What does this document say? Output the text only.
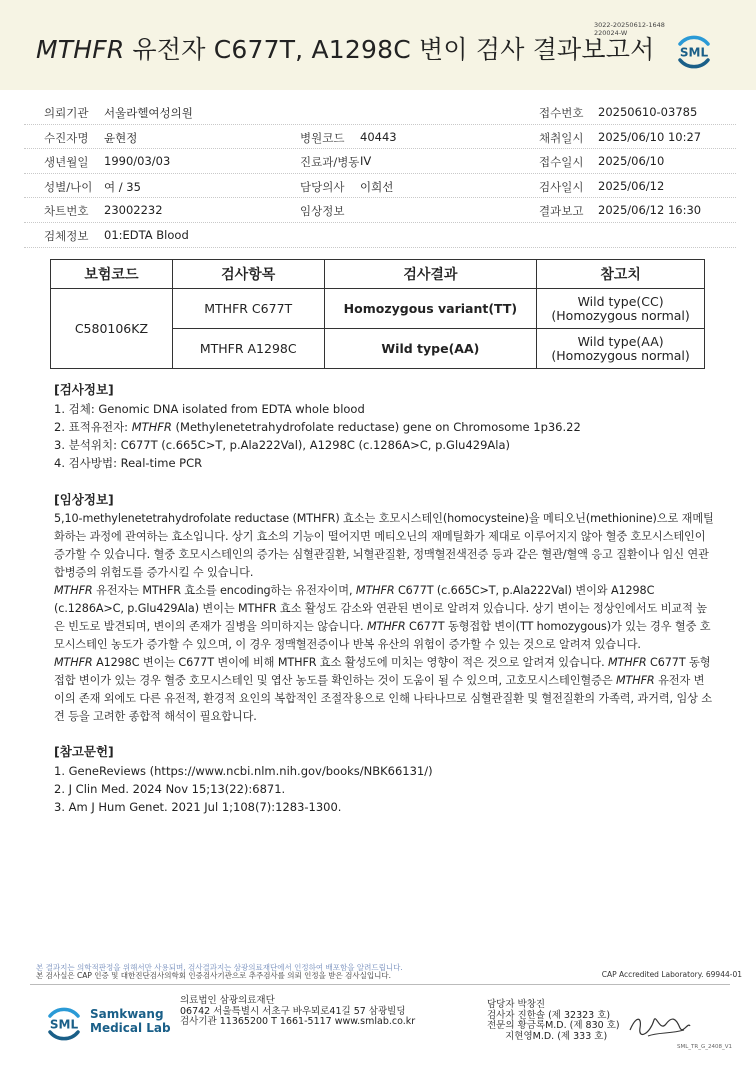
MTHFR 유전자 C677T, A1298C 변이 검사 결과보고서
3022-20250612-1648
220024-W
SML
의뢰기관 서울라헬여성의원	접수번호 20250610-03785
수진자명 윤현정	병원코드 40443	채취일시 2025/06/10 10:27
생년월일 1990/03/03	진료과/병동 IV	접수일시 2025/06/10
성별/나이 여 / 35	담당의사 이희선	검사일시 2025/06/12
차트번호 23002232	임상정보	결과보고 2025/06/12 16:30
검체정보 01:EDTA Blood
보험코드	검사항목	검사결과	참고치
C580106KZ	MTHFR C677T	Homozygous variant(TT)	Wild type(CC)
(Homozygous normal)

	MTHFR A1298C	Wild type(AA)	Wild type(AA)
(Homozygous normal)
[검사정보]
1. 검체: Genomic DNA isolated from EDTA whole blood
2. 표적유전자: MTHFR (Methylenetetrahydrofolate reductase) gene on Chromosome 1p36.22
3. 분석위치: C677T (c.665C>T, p.Ala222Val), A1298C (c.1286A>C, p.Glu429Ala)
4. 검사방법: Real-time PCR
[임상정보]

5,10-methylenetetrahydrofolate reductase (MTHFR) 효소는 호모시스테인(homocysteine)을 메티오닌(methionine)으로 재메틸화하는 과정에 관여하는 효소입니다. 상기 효소의 기능이 떨어지면 메티오닌의 재메틸화가 제대로 이루어지지 않아 혈중 호모시스테인이 증가할 수 있습니다. 혈중 호모시스테인의 증가는 심혈관질환, 뇌혈관질환, 정맥혈전색전증 등과 같은 혈관/혈액 응고 질환이나 임신 연관 합병증의 위험도를 증가시킬 수 있습니다.

MTHFR 유전자는 MTHFR 효소를 encoding하는 유전자이며, MTHFR C677T (c.665C>T, p.Ala222Val) 변이와 A1298C (c.1286A>C, p.Glu429Ala) 변이는 MTHFR 효소 활성도 감소와 연관된 변이로 알려져 있습니다. 상기 변이는 정상인에서도 비교적 높은 빈도로 발견되며, 변이의 존재가 질병을 의미하지는 않습니다. MTHFR C677T 동형접합 변이(TT homozygous)가 있는 경우 혈중 호모시스테인 농도가 증가할 수 있으며, 이 경우 정맥혈전증이나 반복 유산의 위험이 증가할 수 있는 것으로 알려져 있습니다.

MTHFR A1298C 변이는 C677T 변이에 비해 MTHFR 효소 활성도에 미치는 영향이 적은 것으로 알려져 있습니다. MTHFR C677T 동형접합 변이가 있는 경우 혈중 호모시스테인 및 엽산 농도를 확인하는 것이 도움이 될 수 있으며, 고호모시스테인혈증은 MTHFR 유전자 변이의 존재 외에도 다른 유전적, 환경적 요인의 복합적인 조절작용으로 인해 나타나므로 심혈관질환 및 혈전질환의 가족력, 과거력, 임상 소견 등을 고려한 종합적 해석이 필요합니다.

[참고문헌]
1. GeneReviews (https://www.ncbi.nlm.nih.gov/books/NBK66131/)
2. J Clin Med. 2024 Nov 15;13(22):6871.
3. Am J Hum Genet. 2021 Jul 1;108(7):1283-1300.
본 결과지는 의학적판정을 위해서만 사용되며, 검사결과지는 삼광의료재단에서 인정하여 배포함을 알려드립니다.
본 검사실은 CAP 인증 및 대한진단검사의학회 인증검사기관으로 추주검사를 의뢰 인정을 받은 검사실입니다.	CAP Accredited Laboratory. 69944-01
SML
Samkwang
Medical Lab
의료법인 삼광의료재단
06742 서울특별시 서초구 바우뫼로41길 57 삼광빌딩
검사기관 11365200 T 1661-5117 www.smlab.co.kr
담당자 박창진
검사자 진한솔 (제 32323 호)
전문의 황금록M.D. (제 830 호)
지현영M.D. (제 333 호)
SML_TR_G_2408_V1
